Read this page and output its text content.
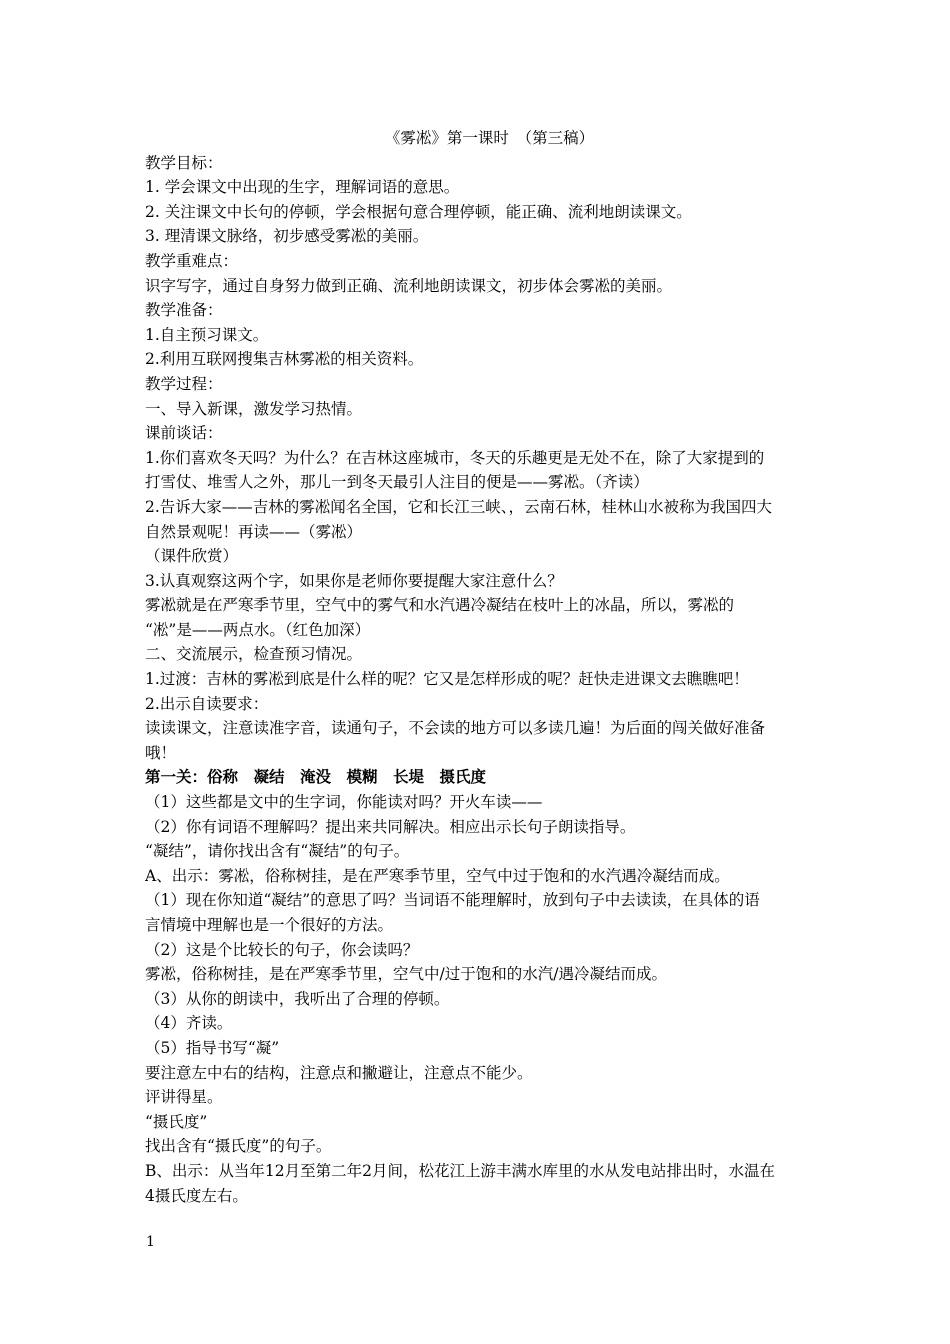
《雾凇》第一课时　（第三稿）
教学目标：
1. 学会课文中出现的生字，理解词语的意思。
2. 关注课文中长句的停顿，学会根据句意合理停顿，能正确、流利地朗读课文。
3. 理清课文脉络，初步感受雾凇的美丽。
教学重难点：
识字写字，通过自身努力做到正确、流利地朗读课文，初步体会雾凇的美丽。
教学准备：
1.自主预习课文。
2.利用互联网搜集吉林雾凇的相关资料。
教学过程：
一、导入新课，激发学习热情。
课前谈话：
1.你们喜欢冬天吗？为什么？在吉林这座城市，冬天的乐趣更是无处不在，除了大家提到的
打雪仗、堆雪人之外，那儿一到冬天最引人注目的便是——雾凇。（齐读）
2.告诉大家——吉林的雾凇闻名全国，它和长江三峡、，云南石林，桂林山水被称为我国四大
自然景观呢！再读——（雾凇）
（课件欣赏）
3.认真观察这两个字，如果你是老师你要提醒大家注意什么？
雾凇就是在严寒季节里，空气中的雾气和水汽遇冷凝结在枝叶上的冰晶，所以，雾凇的
“凇”是——两点水。（红色加深）
二、交流展示，检查预习情况。
1.过渡：吉林的雾凇到底是什么样的呢？它又是怎样形成的呢？赶快走进课文去瞧瞧吧！
2.出示自读要求：
读读课文，注意读准字音，读通句子，不会读的地方可以多读几遍！为后面的闯关做好准备
哦！
第一关：俗称　凝结　淹没　模糊　长堤　摄氏度
（1）这些都是文中的生字词，你能读对吗？开火车读——
（2）你有词语不理解吗？提出来共同解决。相应出示长句子朗读指导。
“凝结”，请你找出含有“凝结”的句子。
A、出示：雾凇，俗称树挂，是在严寒季节里，空气中过于饱和的水汽遇冷凝结而成。
（1）现在你知道“凝结”的意思了吗？当词语不能理解时，放到句子中去读读，在具体的语
言情境中理解也是一个很好的方法。
（2）这是个比较长的句子，你会读吗？
雾凇，俗称树挂，是在严寒季节里，空气中/过于饱和的水汽/遇冷凝结而成。
（3）从你的朗读中，我听出了合理的停顿。
（4）齐读。
（5）指导书写“凝”
要注意左中右的结构，注意点和撇避让，注意点不能少。
评讲得星。
“摄氏度”
找出含有“摄氏度”的句子。
B、出示：从当年12月至第二年2月间，松花江上游丰满水库里的水从发电站排出时，水温在
4摄氏度左右。
1
